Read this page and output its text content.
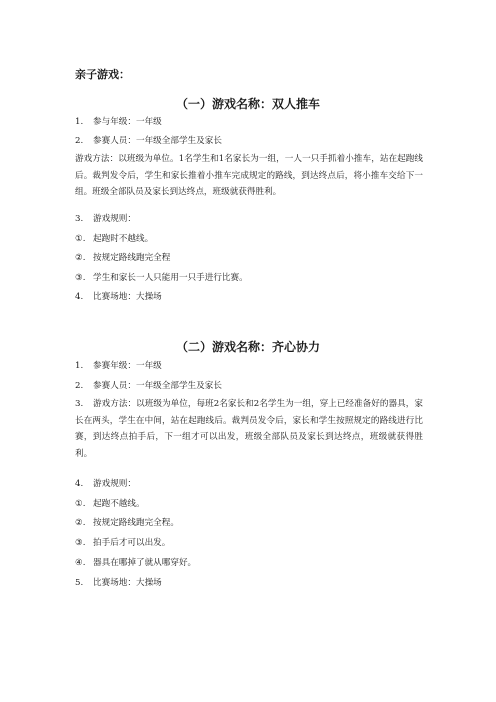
亲子游戏：
（一）游戏名称：双人推车
1. 参与年级：一年级
2. 参赛人员：一年级全部学生及家长
游戏方法：以班级为单位。1名学生和1名家长为一组，一人一只手抓着小推车，站在起跑线后。裁判发令后，学生和家长推着小推车完成规定的路线，到达终点后，将小推车交给下一组。班级全部队员及家长到达终点，班级就获得胜利。
3. 游戏规则：
①. 起跑时不越线。
②. 按规定路线跑完全程
③. 学生和家长一人只能用一只手进行比赛。
4. 比赛场地：大操场
（二）游戏名称：齐心协力
1. 参赛年级：一年级
2. 参赛人员：一年级全部学生及家长
3. 游戏方法：以班级为单位，每班2名家长和2名学生为一组，穿上已经准备好的器具，家长在两头，学生在中间，站在起跑线后。裁判员发令后，家长和学生按照规定的路线进行比赛，到达终点拍手后，下一组才可以出发，班级全部队员及家长到达终点，班级就获得胜利。
4. 游戏规则：
①. 起跑不越线。
②. 按规定路线跑完全程。
③. 拍手后才可以出发。
④. 器具在哪掉了就从哪穿好。
5. 比赛场地：大操场
